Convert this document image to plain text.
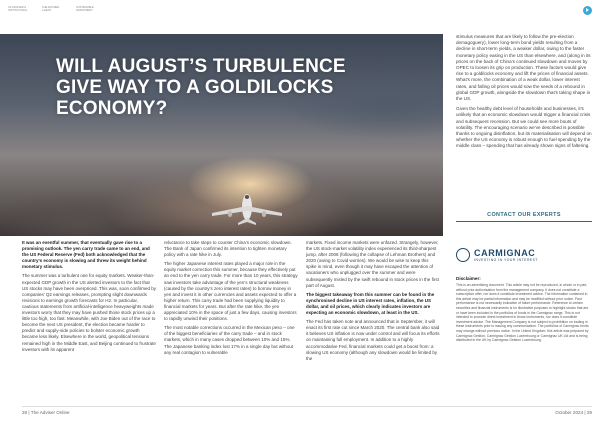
UK ADVISER & INSTITUTIONAL
THE ADVISER CLIENT
SUSTAINABLE INVESTMENT
WILL AUGUST’S TURBULENCE GIVE WAY TO A GOLDILOCKS ECONOMY?

stimulus measures that are likely to follow the pre-election demagoguery), lower long-term bond yields resulting from a decline in short-term yields, a weaker dollar, owing to the faster monetary policy easing in the US than elsewhere, and (along in its prices on the back of China’s continued slowdown and moves by OPEC to loosen its grip on production. These factors would give rise to a goldilocks economy and lift the prices of financial assets. What’s more, the combination of a weak dollar, lower interest rates, and falling oil prices would sow the seeds of a rebound in global GDP growth, alongside the slowdown that’s taking shape in the US.

Given the healthy debt level of households and businesses, it’s unlikely that an economic slowdown would trigger a financial crisis and subsequent recession. But we could see more bouts of volatility. The encouraging scenario we’ve described is possible thanks to ongoing disinflation, but its materialisation will depend on whether the US economy is robust enough to fuel spending by the middle class – spending that has already shown signs of faltering.

CONTACT OUR EXPERTS

It was an eventful summer, that eventually gave rise to a promising outlook. The yen carry trade came to an end, and the US Federal Reserve (Fed) both acknowledged that the country’s economy is slowing and threw its weight behind monetary stimulus.

The summer was a turbulent one for equity markets. Weaker-than-expected GDP growth in the US alerted investors to the fact that US stocks may have been overpriced. This was, soon confirmed by companies’ Q2 earnings releases, prompting slight downwards revisions to earnings growth forecasts for H2. In particular, cautious statements from artificial-intelligence heavyweights made investors worry that they may have pushed those stock prices up a little too high, too fast. Meanwhile, with Joe Biden out of the race to become the next US president, the election became harder to predict and supply-side policies to bolster economic growth became less likely. Elsewhere in the world, geopolitical tensions remained high in the Middle East, and Beijing continued to frustrate investors with its apparent

reluctance to take steps to counter China’s economic slowdown. The Bank of Japan confirmed its intention to tighten monetary policy with a rate hike in July.

The higher Japanese interest rates played a major role in the equity market correction this summer, because they effectively put an end to the yen carry trade. For more than 10 years, this strategy saw investors take advantage of the yen’s structural weakness (caused by the country’s zero interest rates) to borrow money in yen and invest it in other currencies and assets expected to offer a higher return. This carry trade had been supplying liquidity to financial markets for years. But after the rate hike, the yen appreciated 10% in the space of just a few days, causing investors to rapidly unwind their positions.

The most notable corrections occurred in the Mexican peso – one of the biggest beneficiaries of the carry trade – and in stock markets, which in many cases dropped between 10% and 15%. The Japanese banking index lost 17% in a single day but without any real contagion to vulnerable

markets. Fixed income markets were unfazed. Strangely, however, the US stock-market volatility index experienced its third-sharpest jump, after 2008 (following the collapse of Lehman Brothers) and 2020 (owing to Covid worries). We would be wise to keep this spike in mind, even though it may have escaped the attention of vacationers who unplugged over the summer and were subsequently misled by the swift rebound in stock prices in the first part of August.

The biggest takeaway from this summer can be found in the synchronised decline in US interest rates, inflation, the US dollar, and oil prices, which clearly indicates investors are expecting an economic slowdown, at least in the US.

The Fed has taken note and announced that in September, it will enact its first rate cut since March 2020. The central bank also said it believes US inflation is now under control and will focus its efforts on maintaining full employment. In addition to a highly accommodative Fed, financial markets could get a boost from: a slowing US economy (although any slowdown would be limited by the

CARMIGNAC
INVESTING IN YOUR INTEREST
Disclaimer:
This is an advertising document. This article may not be reproduced, in whole or in part, without prior authorisation from the management company. It does not constitute a subscription offer, nor does it constitute investment advice. The information contained in this article may be partial information and may be modified without prior notice. Past performance is not necessarily indicative of future performance. Reference to certain securities and financial instruments is for illustrative purposes to highlight stocks that are or have been included in the portfolios of funds in the Carmignac range. This is not intended to promote direct investment in those instruments, nor does it constitute investment advice. The Management Company is not subject to prohibition on trading in these instruments prior to issuing any communication. The portfolios of Carmignac funds may change without previous notice. In the United Kingdom, this article was prepared by Carmignac Gestion, Carmignac Gestion Luxembourg or Carmignac UK Ltd and is being distributed in the UK by Carmignac Gestion Luxembourg.
28 | The Adviser Online	October 2024 | 29
